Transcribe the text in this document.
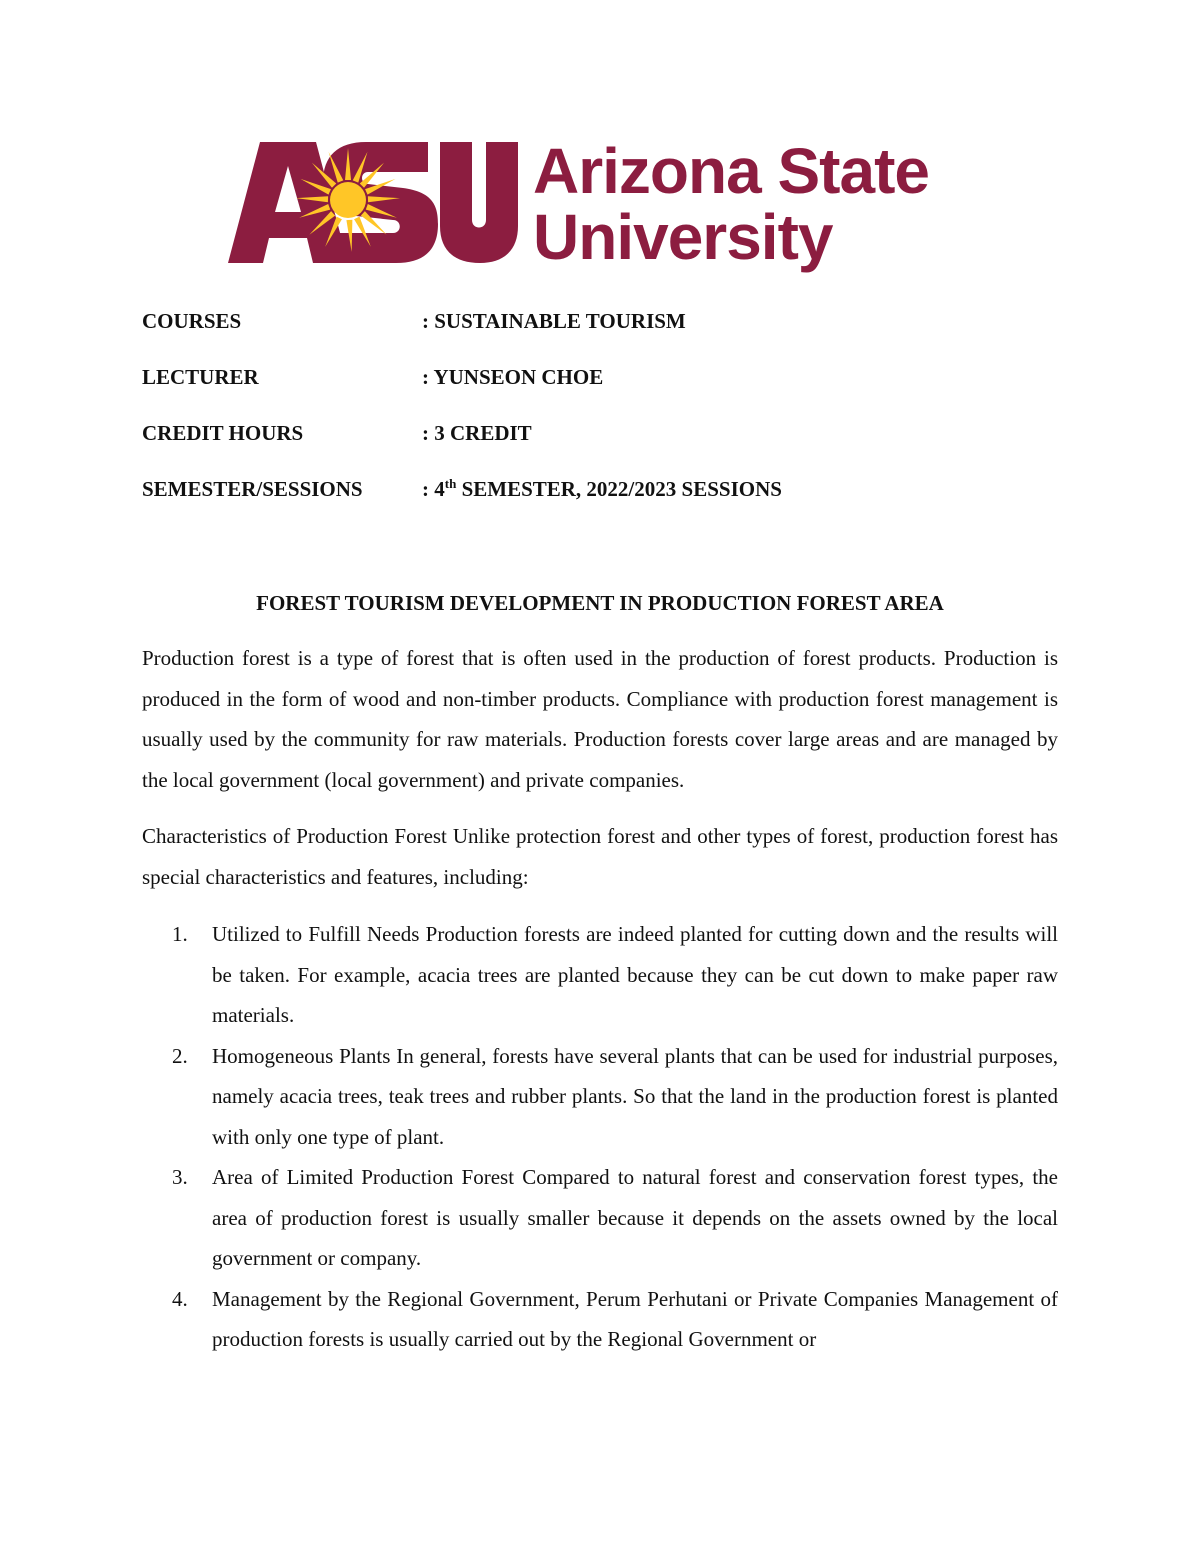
® Arizona State
University
COURSES	: SUSTAINABLE TOURISM
LECTURER	: YUNSEON CHOE
CREDIT HOURS	: 3 CREDIT
SEMESTER/SESSIONS	: 4th SEMESTER, 2022/2023 SESSIONS
FOREST TOURISM DEVELOPMENT IN PRODUCTION FOREST AREA

Production forest is a type of forest that is often used in the production of forest products. Production is produced in the form of wood and non-timber products. Compliance with production forest management is usually used by the community for raw materials. Production forests cover large areas and are managed by the local government (local government) and private companies.

Characteristics of Production Forest Unlike protection forest and other types of forest, production forest has special characteristics and features, including:

1. Utilized to Fulfill Needs Production forests are indeed planted for cutting down and the results will be taken. For example, acacia trees are planted because they can be cut down to make paper raw materials.
2. Homogeneous Plants In general, forests have several plants that can be used for industrial purposes, namely acacia trees, teak trees and rubber plants. So that the land in the production forest is planted with only one type of plant.
3. Area of Limited Production Forest Compared to natural forest and conservation forest types, the area of production forest is usually smaller because it depends on the assets owned by the local government or company.
4. Management by the Regional Government, Perum Perhutani or Private Companies Management of production forests is usually carried out by the Regional Government or
